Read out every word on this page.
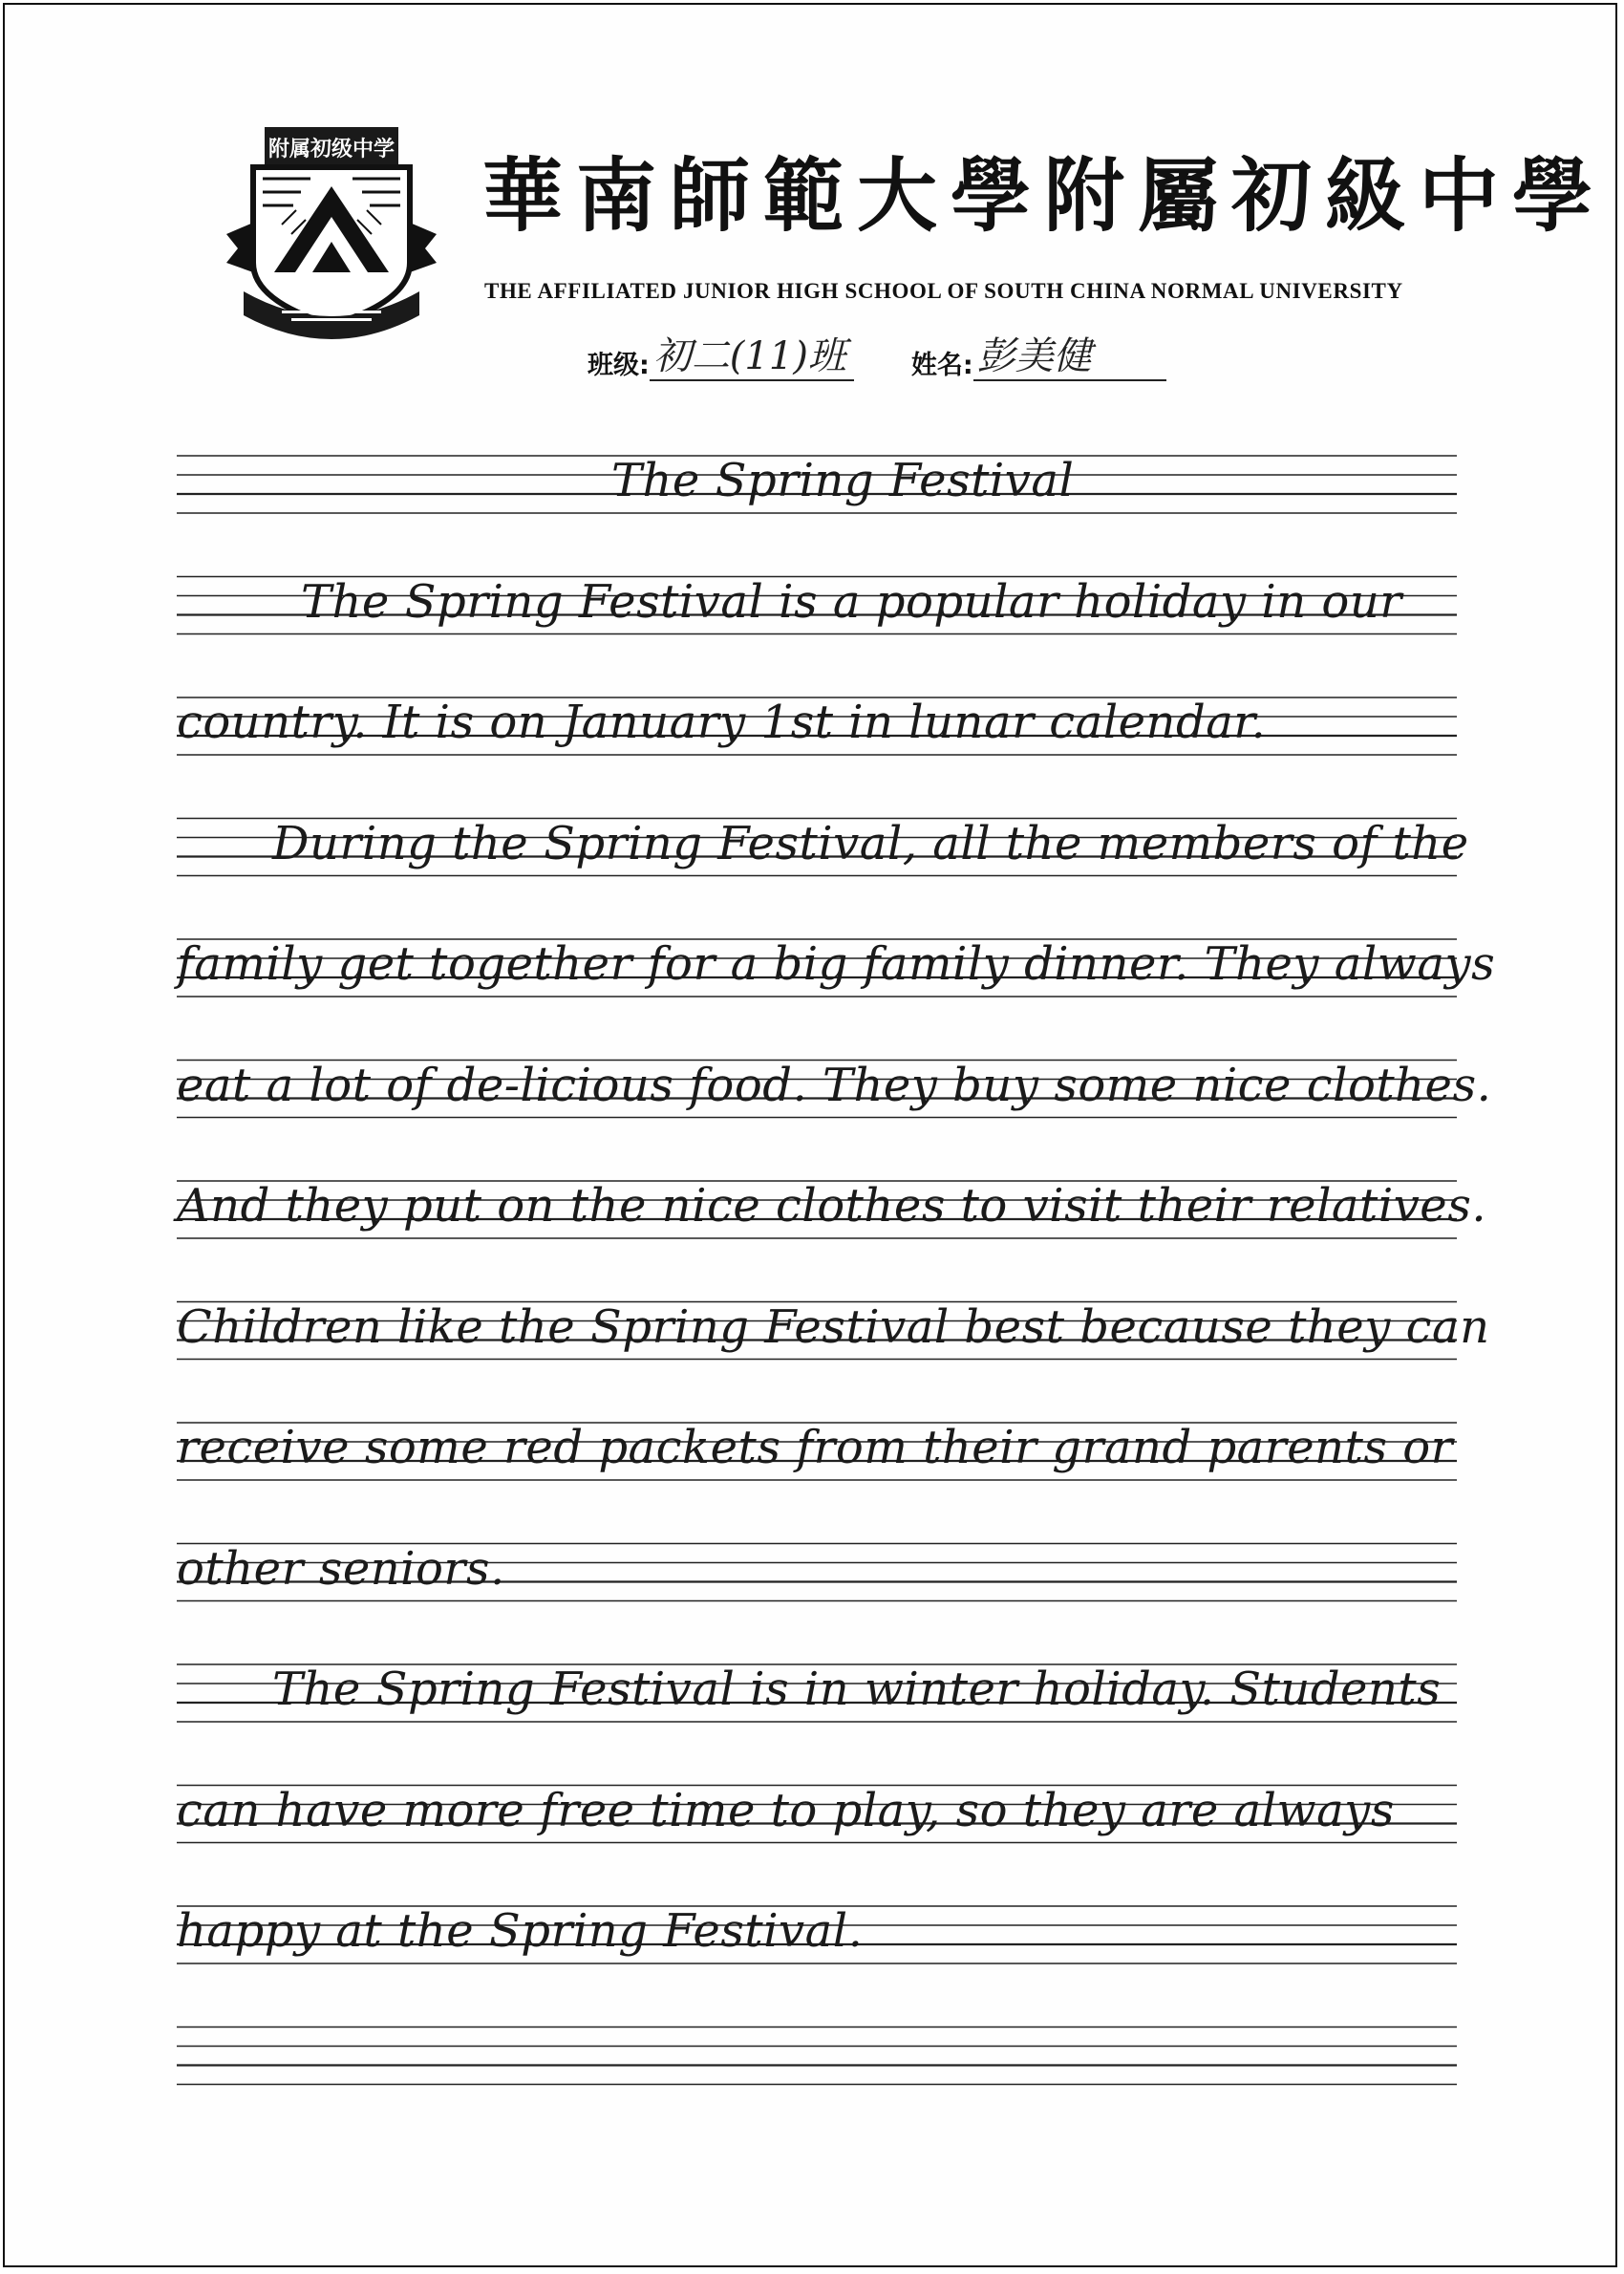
附属初级中学 華南師範大學附屬初級中學
THE AFFILIATED JUNIOR HIGH SCHOOL OF SOUTH CHINA NORMAL UNIVERSITY
班级: 初二(11)班	姓名: 彭美健
The Spring Festival
The Spring Festival is a popular holiday in our
country. It is on January 1st in lunar calendar.
During the Spring Festival, all the members of the
family get together for a big family dinner. They always
eat a lot of de-licious food. They buy some nice clothes.
And they put on the nice clothes to visit their relatives.
Children like the Spring Festival best because they can
receive some red packets from their grand parents or
other seniors.
The Spring Festival is in winter holiday. Students
can have more free time to play, so they are always
happy at the Spring Festival.
